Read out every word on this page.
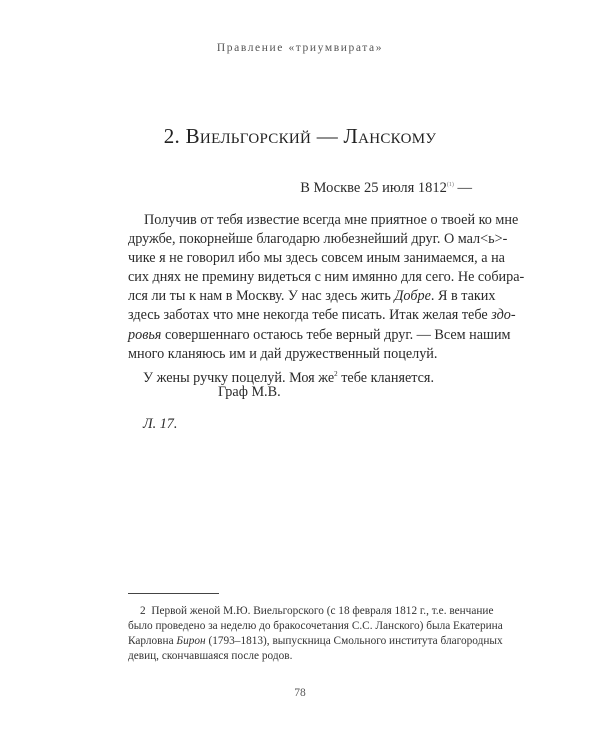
Правление «триумвирата»
2. Виельгорский — Ланскому
В Москве 25 июля 1812$^{(1)}$ —
Получив от тебя известие всегда мне приятное о твоей ко мне
дружбе, покорнейше благодарю любезнейший друг. О мал<ь>-
чике я не говорил ибо мы здесь совсем иным занимаемся, а на
сих днях не премину видеться с ним имянно для сего. Не собира-
лся ли ты к нам в Москву. У нас здесь жить Добре. Я в таких
здесь заботах что мне некогда тебе писать. Итак желая тебе здо-
ровья совершеннаго остаюсь тебе верный друг. — Всем нашим
много кланяюсь им и дай дружественный поцелуй.
У жены ручку поцелуй. Моя $же^2$ тебе кланяется.
Граф М.В.
Л. 17.
2 Первой женой М.Ю. Виельгорского (с 18 февраля 1812 г., т.е. венчание
было проведено за неделю до бракосочетания С.С. Ланского) была Екатерина
Карловна Бирон (1793–1813), выпускница Смольного института благородных
девиц, скончавшаяся после родов.
78
